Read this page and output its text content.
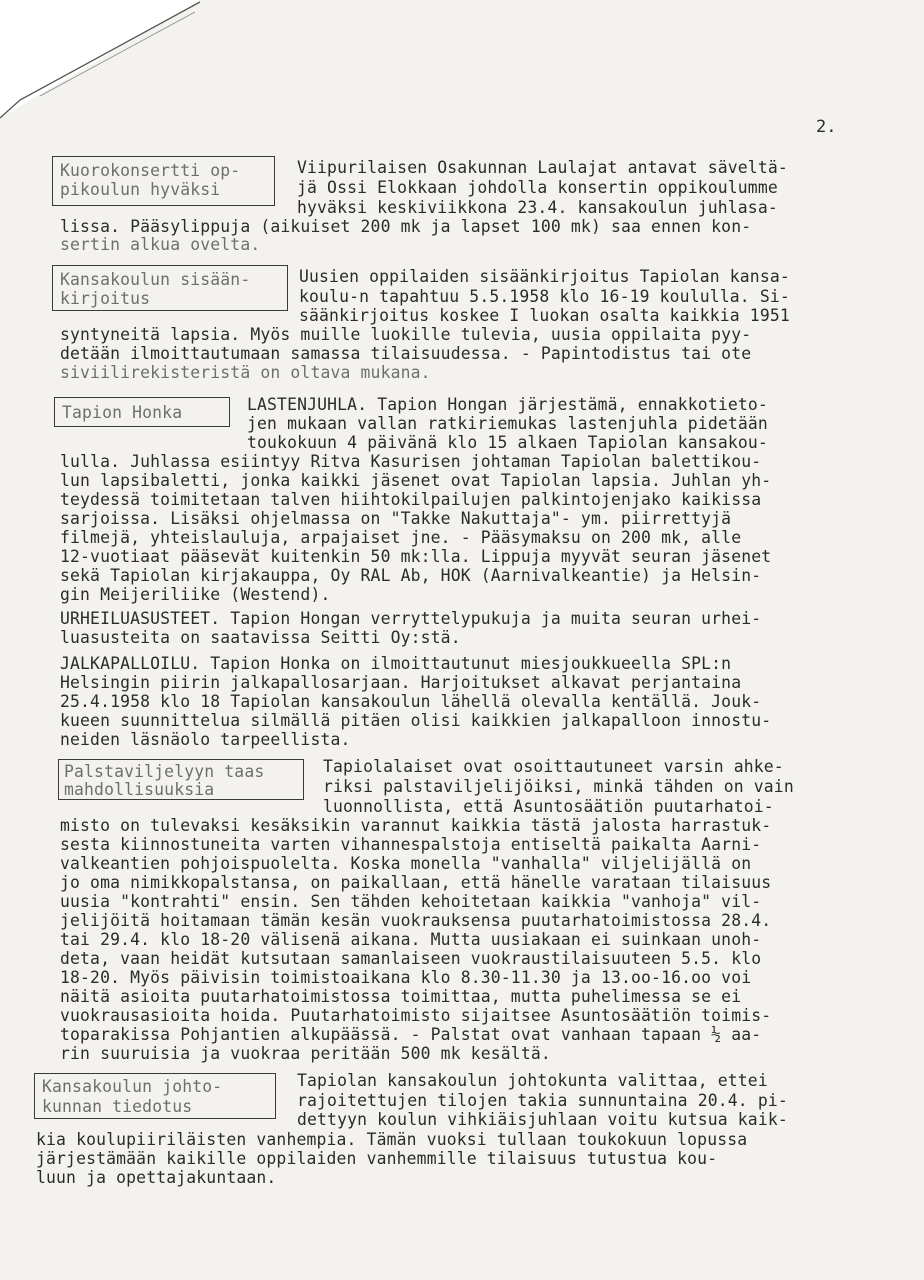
2.
Kuorokonsertti op-
pikoulun hyväksi
Viipurilaisen Osakunnan Laulajat antavat säveltä-
jä Ossi Elokkaan johdolla konsertin oppikoulumme
hyväksi keskiviikkona 23.4. kansakoulun juhlasa-
lissa. Pääsylippuja (aikuiset 200 mk ja lapset 100 mk) saa ennen kon-
sertin alkua ovelta.
Kansakoulun sisään-
kirjoitus
Uusien oppilaiden sisäänkirjoitus Tapiolan kansa-
koulu-n tapahtuu 5.5.1958 klo 16-19 koululla. Si-
säänkirjoitus koskee I luokan osalta kaikkia 1951
syntyneitä lapsia. Myös muille luokille tulevia, uusia oppilaita pyy-
detään ilmoittautumaan samassa tilaisuudessa. - Papintodistus tai ote
siviilirekisteristä on oltava mukana.
Tapion Honka	LASTENJUHLA. Tapion Hongan järjestämä, ennakkotieto-
jen mukaan vallan ratkiriemukas lastenjuhla pidetään
toukokuun 4 päivänä klo 15 alkaen Tapiolan kansakou-
lulla. Juhlassa esiintyy Ritva Kasurisen johtaman Tapiolan balettikou-
lun lapsibaletti, jonka kaikki jäsenet ovat Tapiolan lapsia. Juhlan yh-
teydessä toimitetaan talven hiihtokilpailujen palkintojenjako kaikissa
sarjoissa. Lisäksi ohjelmassa on "Takke Nakuttaja"- ym. piirrettyjä
filmejä, yhteislauluja, arpajaiset jne. - Pääsymaksu on 200 mk, alle
12-vuotiaat pääsevät kuitenkin 50 mk:lla. Lippuja myyvät seuran jäsenet
sekä Tapiolan kirjakauppa, Oy RAL Ab, HOK (Aarnivalkeantie) ja Helsin-
gin Meijeriliike (Westend).
URHEILUASUSTEET. Tapion Hongan verryttelypukuja ja muita seuran urhei-
luasusteita on saatavissa Seitti Oy:stä.
JALKAPALLOILU. Tapion Honka on ilmoittautunut miesjoukkueella SPL:n
Helsingin piirin jalkapallosarjaan. Harjoitukset alkavat perjantaina
25.4.1958 klo 18 Tapiolan kansakoulun lähellä olevalla kentällä. Jouk-
kueen suunnittelua silmällä pitäen olisi kaikkien jalkapalloon innostu-
neiden läsnäolo tarpeellista.
Palstaviljelyyn taas
mahdollisuuksia
Tapiolalaiset ovat osoittautuneet varsin ahke-
riksi palstaviljelijöiksi, minkä tähden on vain
luonnollista, että Asuntosäätiön puutarhatoi-
misto on tulevaksi kesäksikin varannut kaikkia tästä jalosta harrastuk-
sesta kiinnostuneita varten vihannespalstoja entiseltä paikalta Aarni-
valkeantien pohjoispuolelta. Koska monella "vanhalla" viljelijällä on
jo oma nimikkopalstansa, on paikallaan, että hänelle varataan tilaisuus
uusia "kontrahti" ensin. Sen tähden kehoitetaan kaikkia "vanhoja" vil-
jelijöitä hoitamaan tämän kesän vuokrauksensa puutarhatoimistossa 28.4.
tai 29.4. klo 18-20 välisenä aikana. Mutta uusiakaan ei suinkaan unoh-
deta, vaan heidät kutsutaan samanlaiseen vuokraustilaisuuteen 5.5. klo
18-20. Myös päivisin toimistoaikana klo 8.30-11.30 ja 13.oo-16.oo voi
näitä asioita puutarhatoimistossa toimittaa, mutta puhelimessa se ei
vuokrausasioita hoida. Puutarhatoimisto sijaitsee Asuntosäätiön toimis-
toparakissa Pohjantien alkupäässä. - Palstat ovat vanhaan tapaan ½ aa-
rin suuruisia ja vuokraa peritään 500 mk kesältä.
Kansakoulun johto-
kunnan tiedotus
Tapiolan kansakoulun johtokunta valittaa, ettei
rajoitettujen tilojen takia sunnuntaina 20.4. pi-
dettyyn koulun vihkiäisjuhlaan voitu kutsua kaik-
kia koulupiiriläisten vanhempia. Tämän vuoksi tullaan toukokuun lopussa
järjestämään kaikille oppilaiden vanhemmille tilaisuus tutustua kou-
luun ja opettajakuntaan.
